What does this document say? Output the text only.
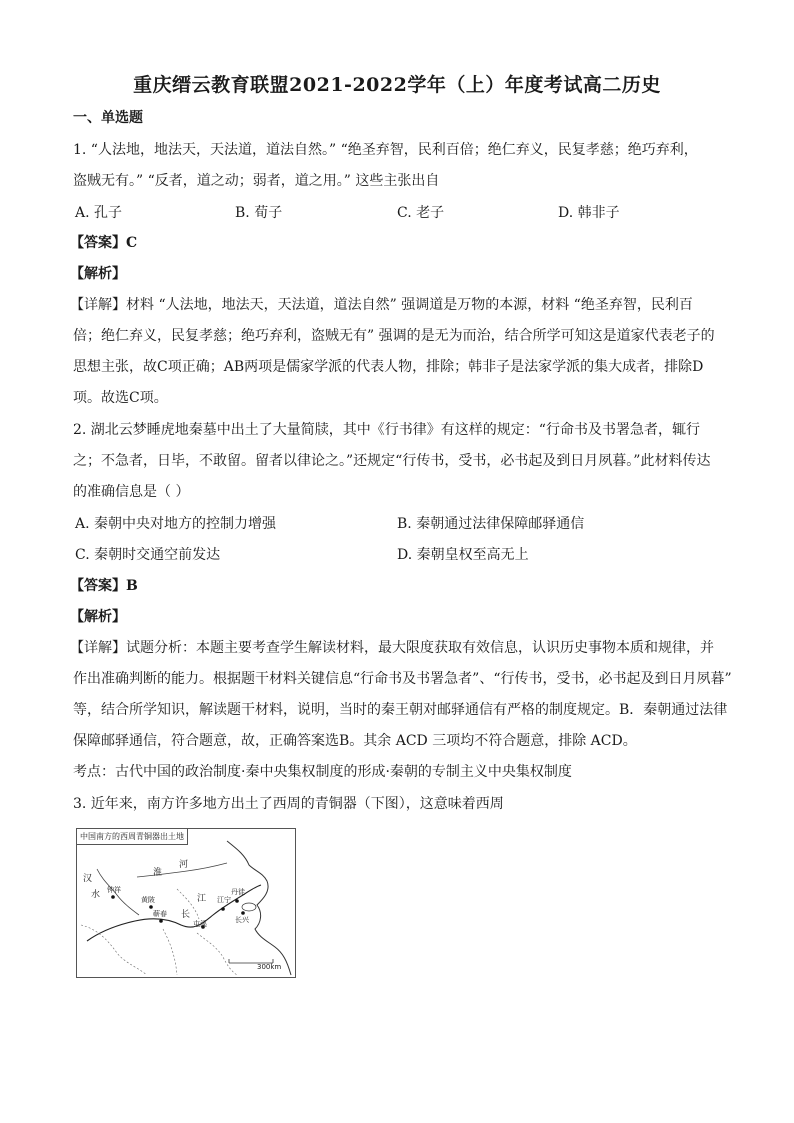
重庆缙云教育联盟2021-2022学年（上）年度考试高二历史
一、单选题
1. “人法地，地法天，天法道，道法自然。” “绝圣弃智，民利百倍；绝仁弃义，民复孝慈；绝巧弃利，
盗贼无有。” “反者，道之动；弱者，道之用。” 这些主张出自
A. 孔子	B. 荀子	C. 老子	D. 韩非子
【答案】C
【解析】
【详解】材料 “人法地，地法天，天法道，道法自然” 强调道是万物的本源，材料 “绝圣弃智，民利百
倍；绝仁弃义，民复孝慈；绝巧弃利，盗贼无有” 强调的是无为而治，结合所学可知这是道家代表老子的
思想主张，故C项正确；AB两项是儒家学派的代表人物，排除；韩非子是法家学派的集大成者，排除D
项。故选C项。
2. 湖北云梦睡虎地秦墓中出土了大量简牍，其中《行书律》有这样的规定：“行命书及书署急者，辄行
之；不急者，日毕，不敢留。留者以律论之。”还规定“行传书，受书，必书起及到日月夙暮。”此材料传达
的准确信息是（ ）
A. 秦朝中央对地方的控制力增强	B. 秦朝通过法律保障邮驿通信
C. 秦朝时交通空前发达	D. 秦朝皇权至高无上
【答案】B
【解析】
【详解】试题分析：本题主要考查学生解读材料，最大限度获取有效信息，认识历史事物本质和规律，并
作出准确判断的能力。根据题干材料关键信息“行命书及书署急者”、“行传书，受书，必书起及到日月夙暮”
等，结合所学知识，解读题干材料，说明，当时的秦王朝对邮驿通信有严格的制度规定。B．秦朝通过法律
保障邮驿通信，符合题意，故，正确答案选B。其余 ACD 三项均不符合题意，排除 ACD。
考点：古代中国的政治制度·秦中央集权制度的形成·秦朝的专制主义中央集权制度
3. 近年来，南方许多地方出土了西周的青铜器（下图），这意味着西周
中国南方的西周青铜器出土地
汉
水
淮
河
江
长
钟祥
黄陂
蕲春
屯溪
江宁
丹徒
长兴
300km
